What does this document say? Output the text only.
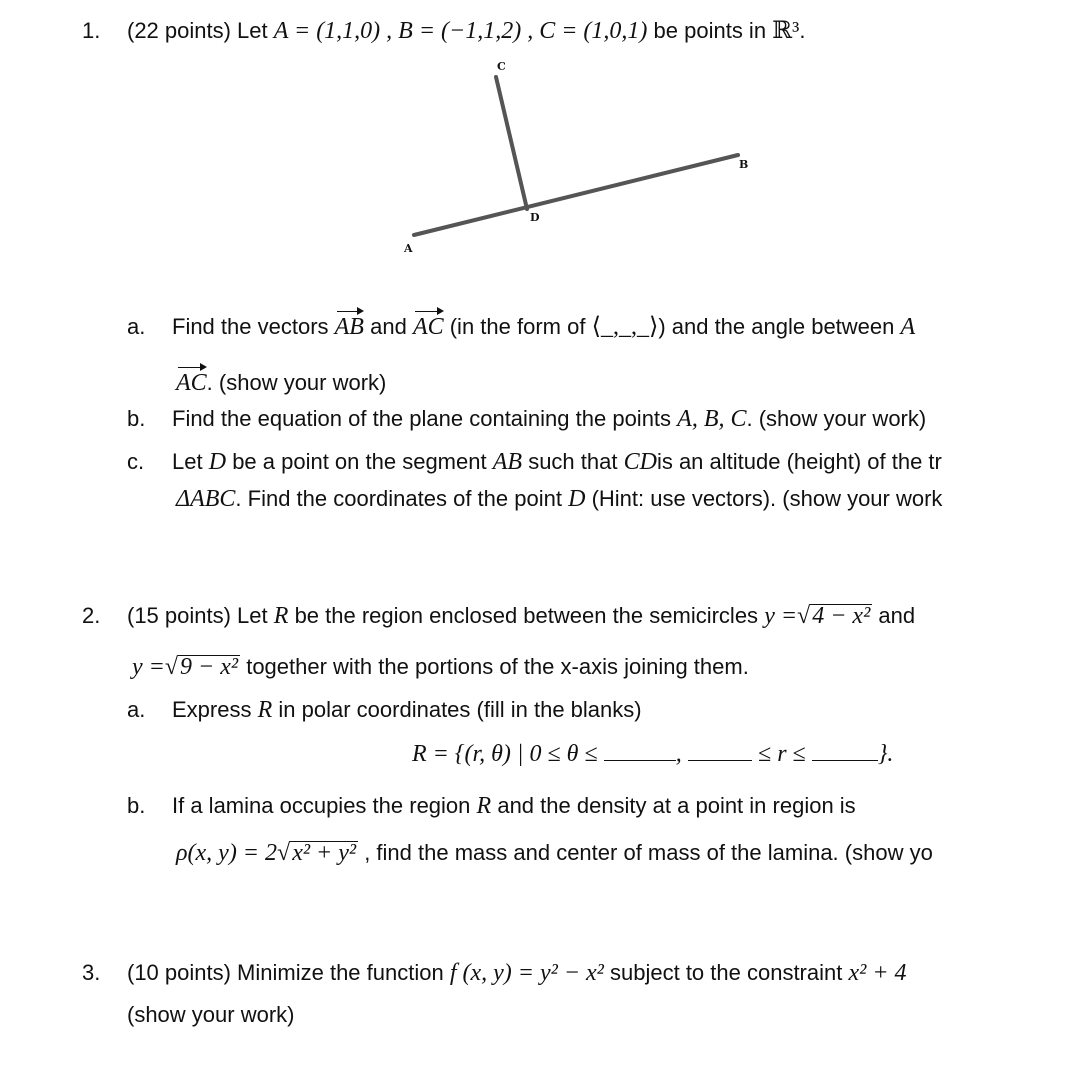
1. (22 points) Let A = (1,1,0) , B = (−1,1,2) , C = (1,0,1) be points in ℝ³.
C
B
D
A
a. Find the vectors AB and AC (in the form of ⟨_,_,_⟩) and the angle between A
AC. (show your work)
b. Find the equation of the plane containing the points A, B, C. (show your work)
c. Let D be a point on the segment AB such that CDis an altitude (height) of the tr
ΔABC. Find the coordinates of the point D (Hint: use vectors). (show your work
2. (15 points) Let R be the region enclosed between the semicircles y =√4 − x² and
y =√9 − x² together with the portions of the x-axis joining them.
a. Express R in polar coordinates (fill in the blanks)
R = {(r, θ) | 0 ≤ θ ≤	,	≤ r ≤	}.
b. If a lamina occupies the region R and the density at a point in region is
ρ(x, y) = 2√x² + y² , find the mass and center of mass of the lamina. (show yo
3. (10 points) Minimize the function f (x, y) = y² − x² subject to the constraint x² + 4
(show your work)
